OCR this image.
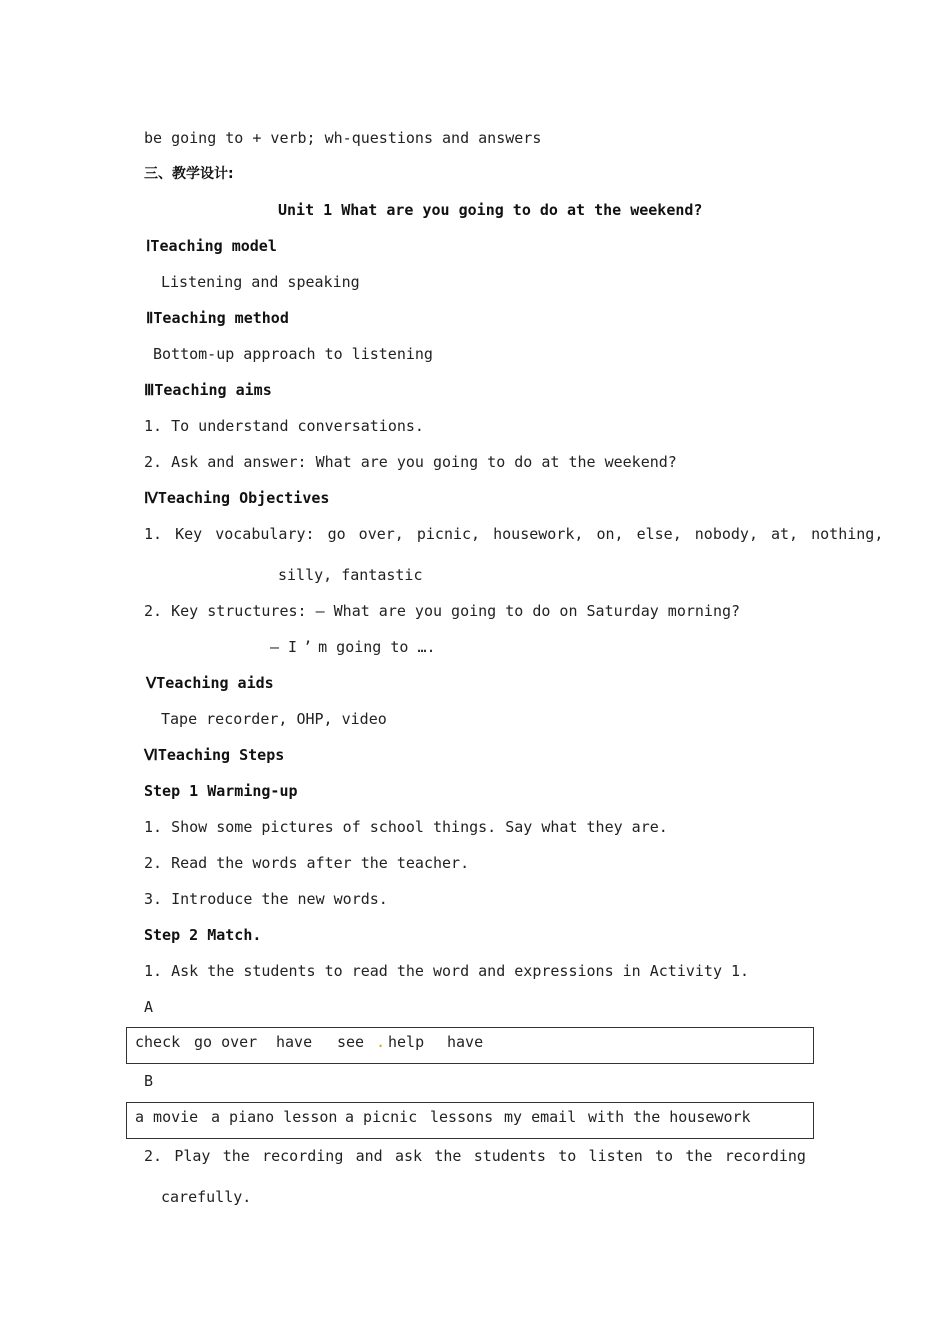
be going to + verb; wh-questions and answers
三、教学设计:
Unit 1 What are you going to do at the weekend?
ⅠTeaching model
Listening and speaking
ⅡTeaching method
Bottom-up approach to listening
ⅢTeaching aims
1. To understand conversations.
2. Ask and answer: What are you going to do at the weekend?
ⅣTeaching Objectives
1. Key vocabulary: go over, picnic, housework, on, else, nobody, at, nothing,
silly, fantastic
2. Key structures: — What are you going to do on Saturday morning?
— I ’ m going to ….
ⅤTeaching aids
Tape recorder, OHP, video
ⅥTeaching Steps
Step 1 Warming-up
1. Show some pictures of school things. Say what they are.
2. Read the words after the teacher.
3. Introduce the new words.
Step 2 Match.
1. Ask the students to read the word and expressions in Activity 1.
A
check go over have see . help have
B
a movie a piano lesson a picnic lessons my email with the housework
2. Play the recording and ask the students to listen to the recording
carefully.
